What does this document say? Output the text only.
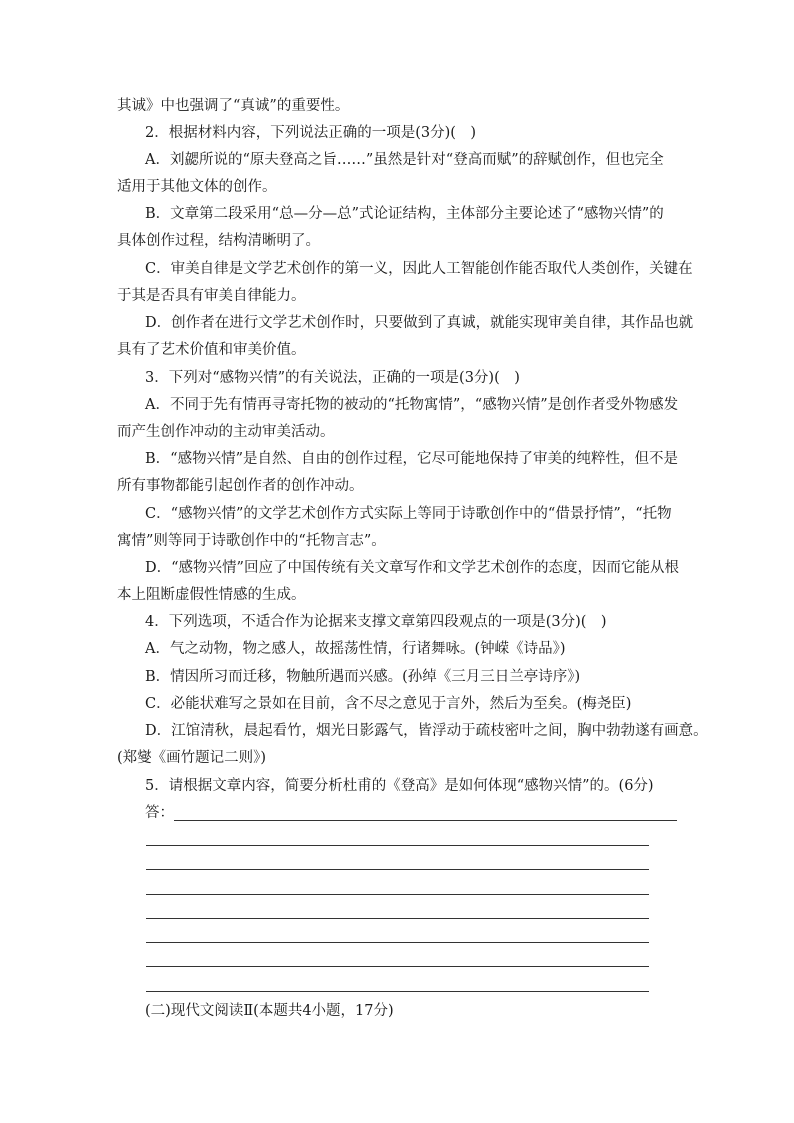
其诚》中也强调了“真诚”的重要性。
2．根据材料内容，下列说法正确的一项是(3分)(　)
A．刘勰所说的“原夫登高之旨……”虽然是针对“登高而赋”的辞赋创作，但也完全
适用于其他文体的创作。
B．文章第二段采用“总—分—总”式论证结构，主体部分主要论述了“感物兴情”的
具体创作过程，结构清晰明了。
C．审美自律是文学艺术创作的第一义，因此人工智能创作能否取代人类创作，关键在
于其是否具有审美自律能力。
D．创作者在进行文学艺术创作时，只要做到了真诚，就能实现审美自律，其作品也就
具有了艺术价值和审美价值。
3．下列对“感物兴情”的有关说法，正确的一项是(3分)(　)
A．不同于先有情再寻寄托物的被动的“托物寓情”，“感物兴情”是创作者受外物感发
而产生创作冲动的主动审美活动。
B．“感物兴情”是自然、自由的创作过程，它尽可能地保持了审美的纯粹性，但不是
所有事物都能引起创作者的创作冲动。
C．“感物兴情”的文学艺术创作方式实际上等同于诗歌创作中的“借景抒情”，“托物
寓情”则等同于诗歌创作中的“托物言志”。
D．“感物兴情”回应了中国传统有关文章写作和文学艺术创作的态度，因而它能从根
本上阻断虚假性情感的生成。
4．下列选项，不适合作为论据来支撑文章第四段观点的一项是(3分)(　)
A．气之动物，物之感人，故摇荡性情，行诸舞咏。(钟嵘《诗品》)
B．情因所习而迁移，物触所遇而兴感。(孙绰《三月三日兰亭诗序》)
C．必能状难写之景如在目前，含不尽之意见于言外，然后为至矣。(梅尧臣)
D．江馆清秋，晨起看竹，烟光日影露气，皆浮动于疏枝密叶之间，胸中勃勃遂有画意。
(郑燮《画竹题记二则》)
5．请根据文章内容，简要分析杜甫的《登高》是如何体现“感物兴情”的。(6分)
答：
(二)现代文阅读Ⅱ(本题共4小题，17分)
